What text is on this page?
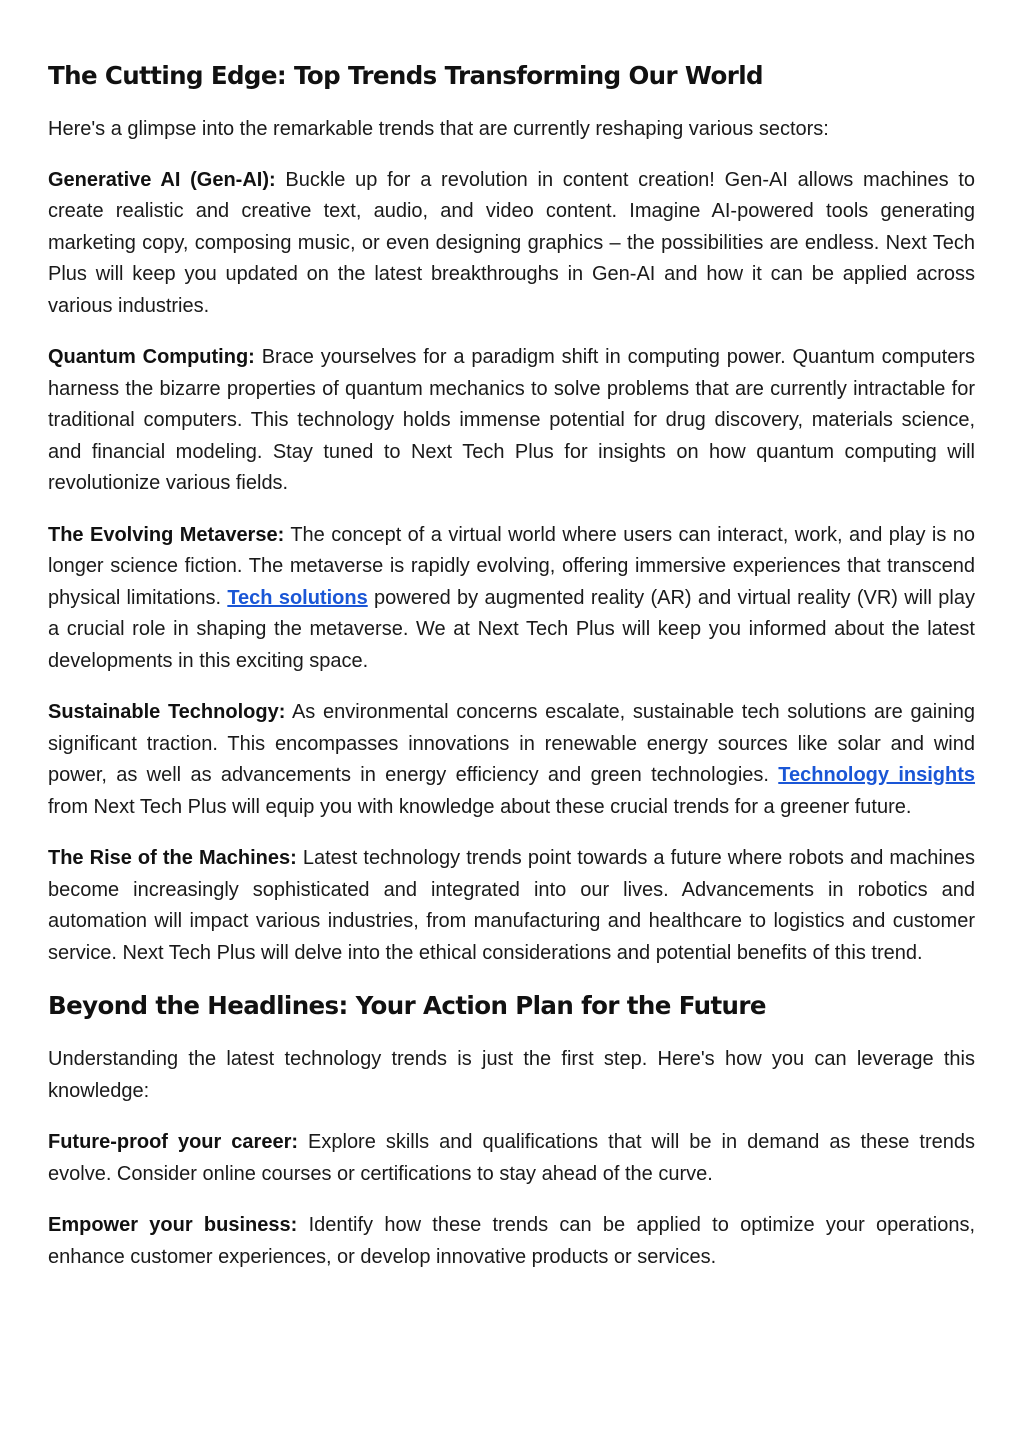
The Cutting Edge: Top Trends Transforming Our World

Here's a glimpse into the remarkable trends that are currently reshaping various sectors:

Generative AI (Gen-AI): Buckle up for a revolution in content creation! Gen-AI allows machines to create realistic and creative text, audio, and video content. Imagine AI-powered tools generating marketing copy, composing music, or even designing graphics – the possibilities are endless. Next Tech Plus will keep you updated on the latest breakthroughs in Gen-AI and how it can be applied across various industries.

Quantum Computing: Brace yourselves for a paradigm shift in computing power. Quantum computers harness the bizarre properties of quantum mechanics to solve problems that are currently intractable for traditional computers. This technology holds immense potential for drug discovery, materials science, and financial modeling. Stay tuned to Next Tech Plus for insights on how quantum computing will revolutionize various fields.

The Evolving Metaverse: The concept of a virtual world where users can interact, work, and play is no longer science fiction. The metaverse is rapidly evolving, offering immersive experiences that transcend physical limitations. Tech solutions powered by augmented reality (AR) and virtual reality (VR) will play a crucial role in shaping the metaverse. We at Next Tech Plus will keep you informed about the latest developments in this exciting space.

Sustainable Technology: As environmental concerns escalate, sustainable tech solutions are gaining significant traction. This encompasses innovations in renewable energy sources like solar and wind power, as well as advancements in energy efficiency and green technologies. Technology insights from Next Tech Plus will equip you with knowledge about these crucial trends for a greener future.

The Rise of the Machines: Latest technology trends point towards a future where robots and machines become increasingly sophisticated and integrated into our lives. Advancements in robotics and automation will impact various industries, from manufacturing and healthcare to logistics and customer service. Next Tech Plus will delve into the ethical considerations and potential benefits of this trend.

Beyond the Headlines: Your Action Plan for the Future

Understanding the latest technology trends is just the first step. Here's how you can leverage this knowledge:

Future-proof your career: Explore skills and qualifications that will be in demand as these trends evolve. Consider online courses or certifications to stay ahead of the curve.

Empower your business: Identify how these trends can be applied to optimize your operations, enhance customer experiences, or develop innovative products or services.
